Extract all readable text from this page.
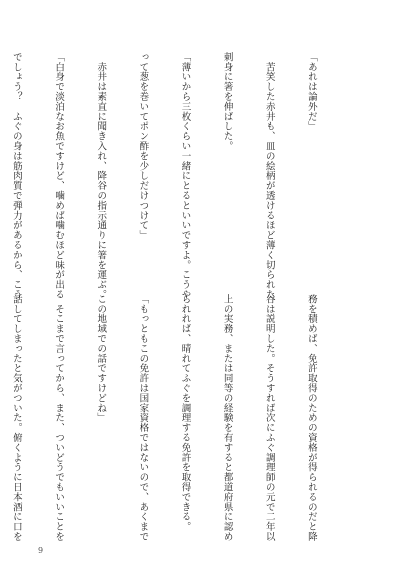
「あれは論外だ」

　苦笑した赤井も、皿の絵柄が透けるほど薄く切られた

刺身に箸を伸ばした。

「薄いから三枚くらい一緒にとるといいですよ。こうや

って葱を巻いてポン酢を少しだけつけて」

　赤井は素直に聞き入れ、降谷の指示通りに箸を運ぶ。

「白身で淡泊なお魚ですけど、噛めば噛むほど味が出る

でしょう？　ふぐの身は筋肉質で弾力があるから、こう

務を積めば、免許取得のための資格が得られるのだと降

谷は説明した。そうすれば次にふぐ調理師の元で二年以

上の実務、または同等の経験を有すると都道府県に認め

られれば、晴れてふぐを調理する免許を取得できる。

「もっともこの免許は国家資格ではないので、あくまで

この地域での話ですけどね」

　そこまで言ってから、また、ついどうでもいいことを

話してしまったと気がついた。俯くように日本酒に口を

9
